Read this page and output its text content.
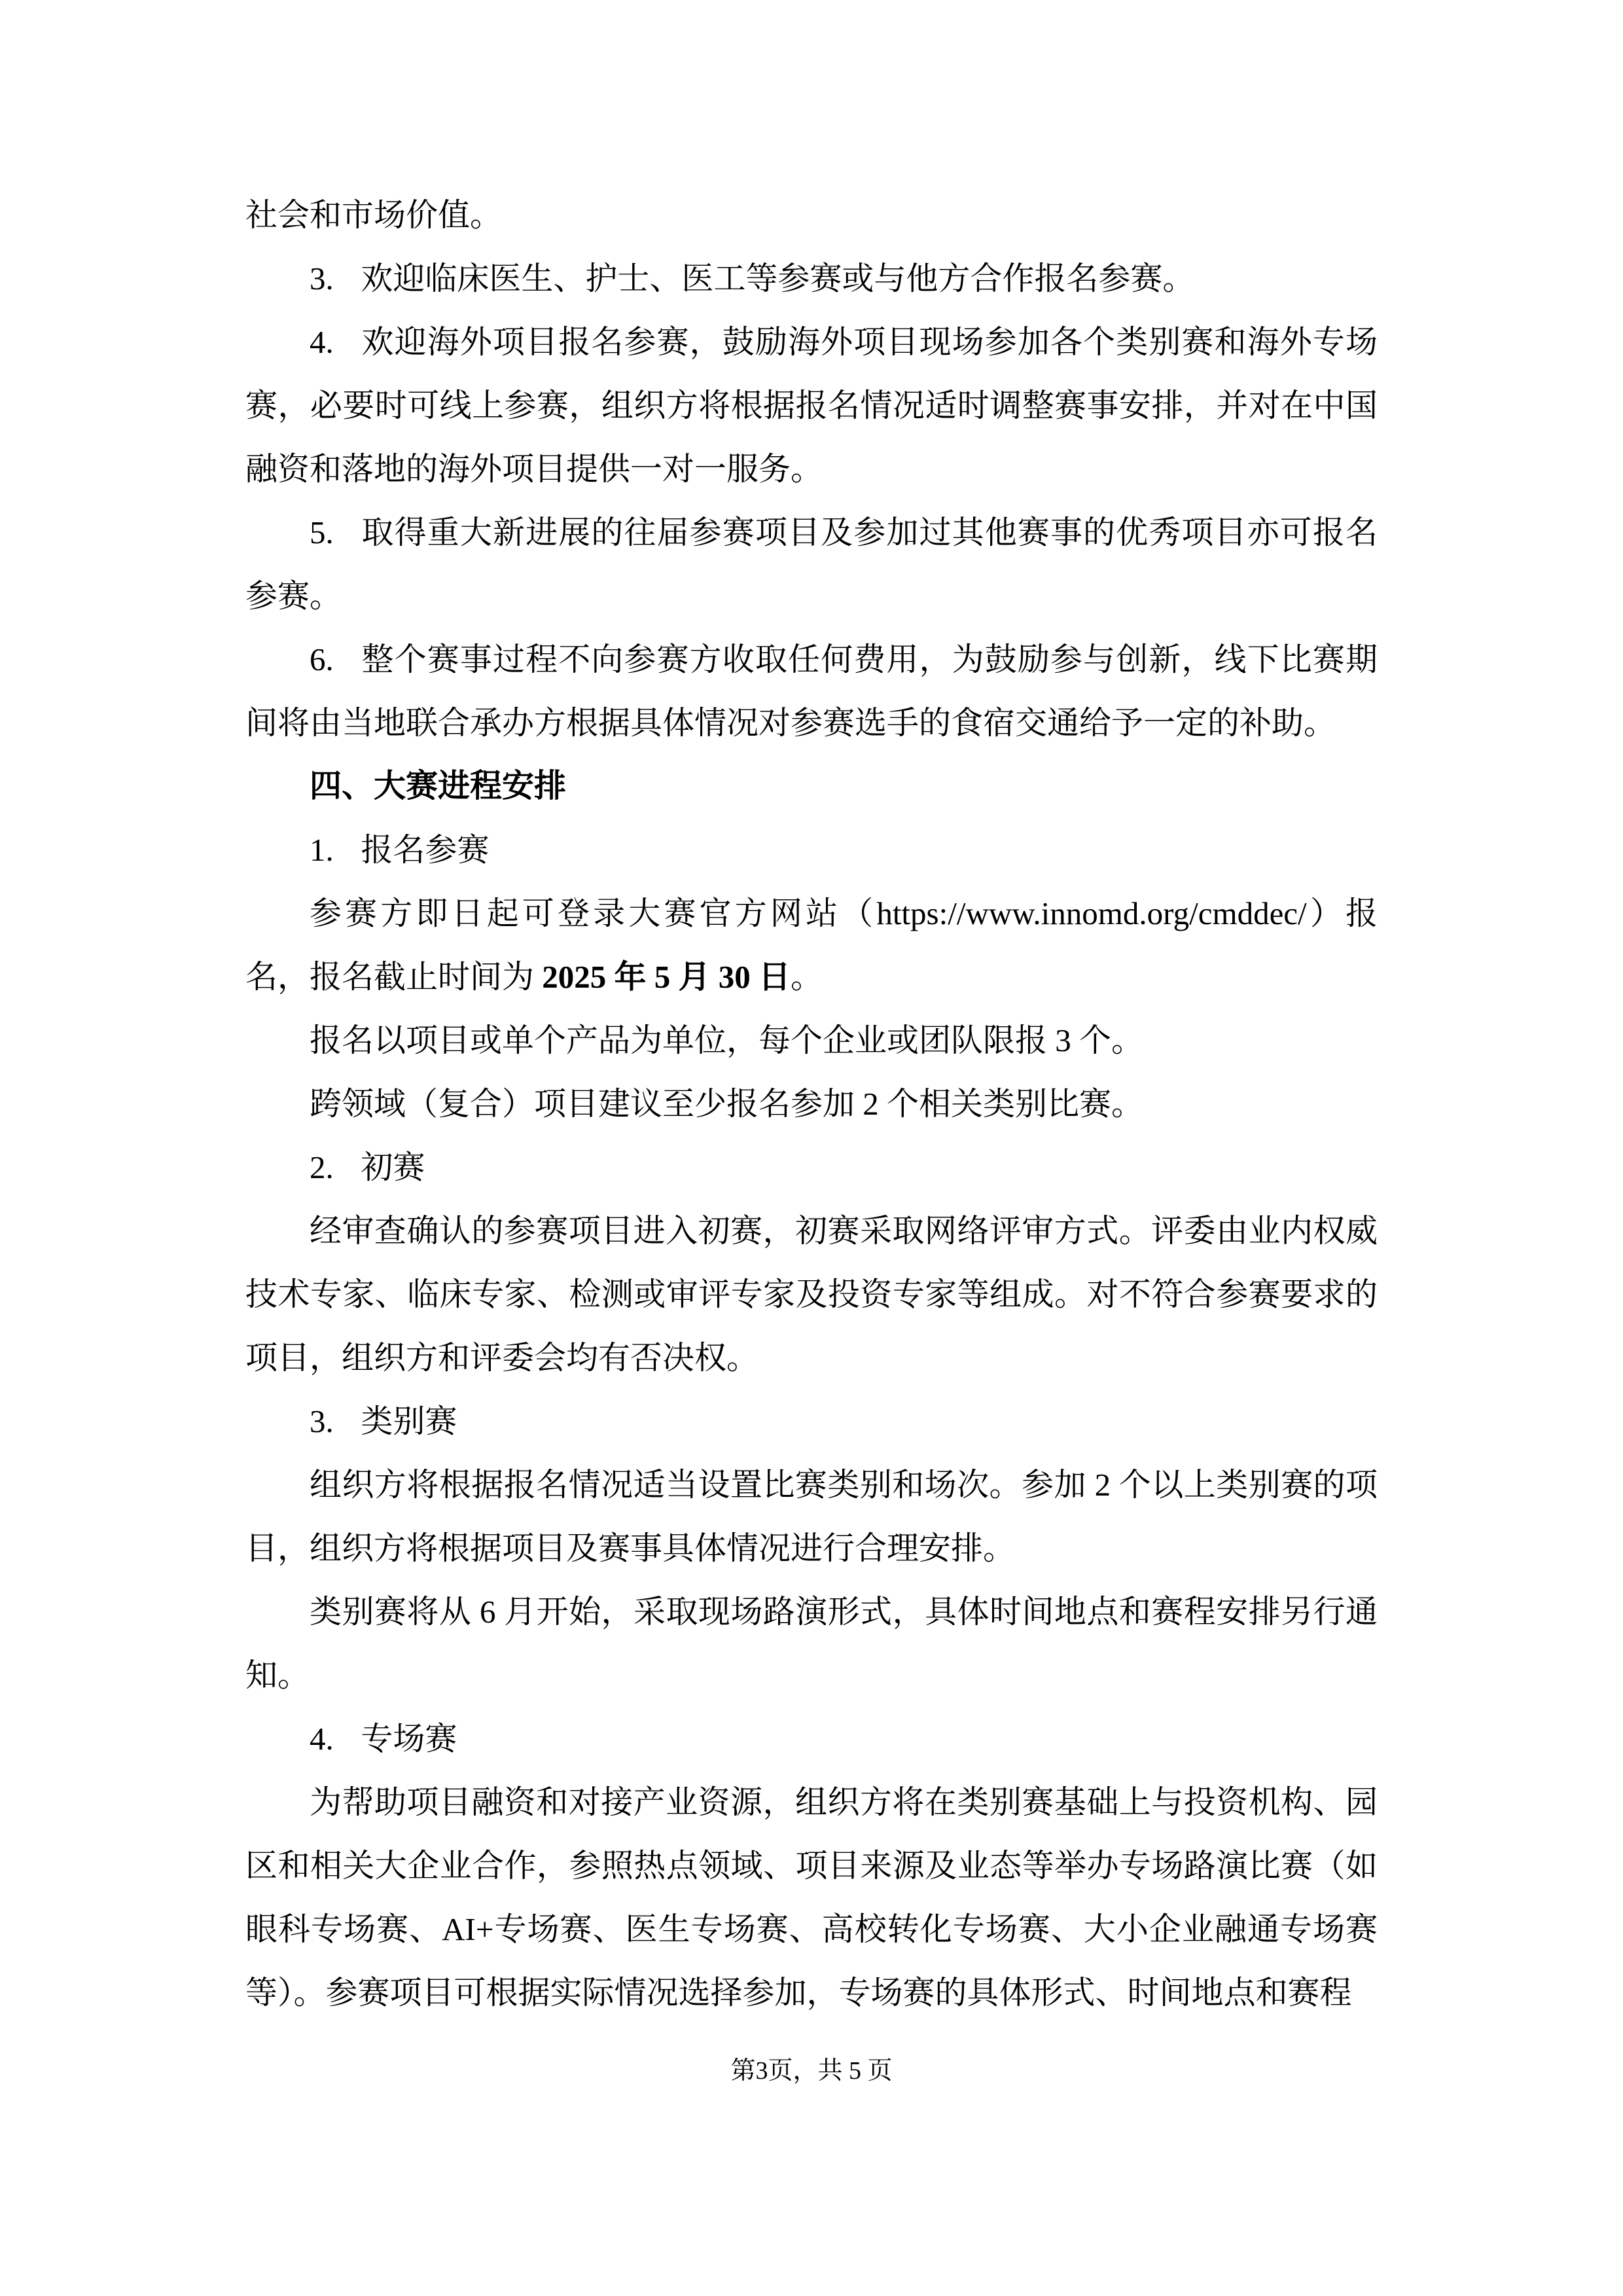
社会和市场价值。

3. 欢迎临床医生、护士、医工等参赛或与他方合作报名参赛。

4. 欢迎海外项目报名参赛，鼓励海外项目现场参加各个类别赛和海外专场赛，必要时可线上参赛，组织方将根据报名情况适时调整赛事安排，并对在中国融资和落地的海外项目提供一对一服务。

5. 取得重大新进展的往届参赛项目及参加过其他赛事的优秀项目亦可报名参赛。

6. 整个赛事过程不向参赛方收取任何费用，为鼓励参与创新，线下比赛期间将由当地联合承办方根据具体情况对参赛选手的食宿交通给予一定的补助。

四、大赛进程安排

1. 报名参赛

参赛方即日起可登录大赛官方网站（https://www.innomd.org/cmddec/）报名，报名截止时间为 2025 年 5 月 30 日。

报名以项目或单个产品为单位，每个企业或团队限报 3 个。

跨领域（复合）项目建议至少报名参加 2 个相关类别比赛。

2. 初赛

经审查确认的参赛项目进入初赛，初赛采取网络评审方式。评委由业内权威技术专家、临床专家、检测或审评专家及投资专家等组成。对不符合参赛要求的项目，组织方和评委会均有否决权。

3. 类别赛

组织方将根据报名情况适当设置比赛类别和场次。参加 2 个以上类别赛的项目，组织方将根据项目及赛事具体情况进行合理安排。

类别赛将从 6 月开始，采取现场路演形式，具体时间地点和赛程安排另行通知。

4. 专场赛

为帮助项目融资和对接产业资源，组织方将在类别赛基础上与投资机构、园区和相关大企业合作，参照热点领域、项目来源及业态等举办专场路演比赛（如眼科专场赛、AI+专场赛、医生专场赛、高校转化专场赛、大小企业融通专场赛等）。参赛项目可根据实际情况选择参加，专场赛的具体形式、时间地点和赛程

第3页，共 5 页
